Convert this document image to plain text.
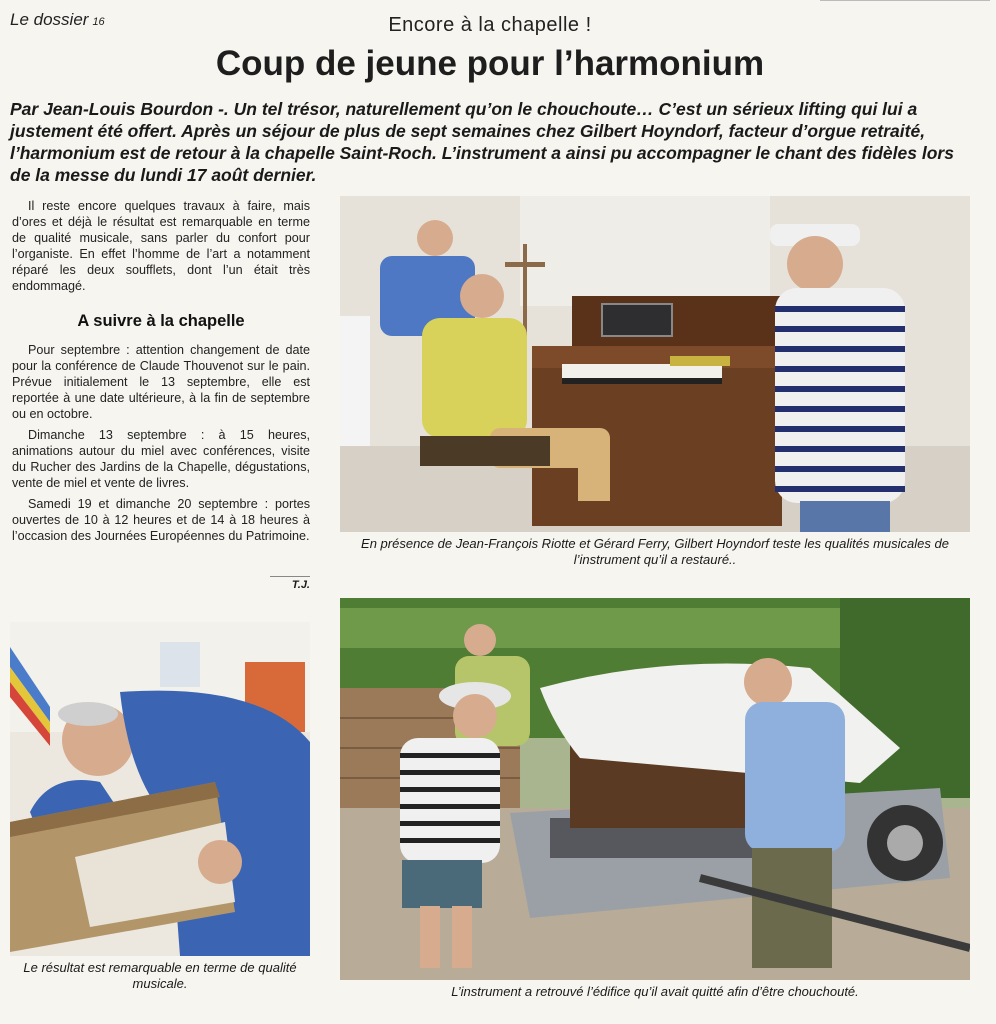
Le dossier 16	Encore à la chapelle !
Coup de jeune pour l’harmonium
Par Jean-Louis Bourdon -. Un tel trésor, naturellement qu’on le chouchoute… C’est un sérieux lifting qui lui a justement été offert. Après un séjour de plus de sept semaines chez Gilbert Hoyndorf, facteur d’orgue retraité, l’harmonium est de retour à la chapelle Saint-Roch. L’instrument a ainsi pu accompagner le chant des fidèles lors de la messe du lundi 17 août dernier.

Il reste encore quelques travaux à faire, mais d’ores et déjà le résultat est remarquable en terme de qualité musicale, sans parler du confort pour l’organiste. En effet l’homme de l’art a notamment réparé les deux soufflets, dont l’un était très endommagé.

A suivre à la chapelle

Pour septembre : attention changement de date pour la conférence de Claude Thouvenot sur le pain. Prévue initialement le 13 septembre, elle est reportée à une date ultérieure, à la fin de septembre ou en octobre.

Dimanche 13 septembre : à 15 heures, animations autour du miel avec conférences, visite du Rucher des Jardins de la Chapelle, dégustations, vente de miel et vente de livres.

Samedi 19 et dimanche 20 septembre : portes ouvertes de 10 à 12 heures et de 14 à 18 heures à l’occasion des Journées Européennes du Patrimoine.

T.J.
En présence de Jean-François Riotte et Gérard Ferry, Gilbert Hoyndorf teste les qualités musicales de l’instrument qu’il a restauré..
Le résultat est remarquable en terme de qualité musicale.
L’instrument a retrouvé l’édifice qu’il avait quitté afin d’être chouchouté.
